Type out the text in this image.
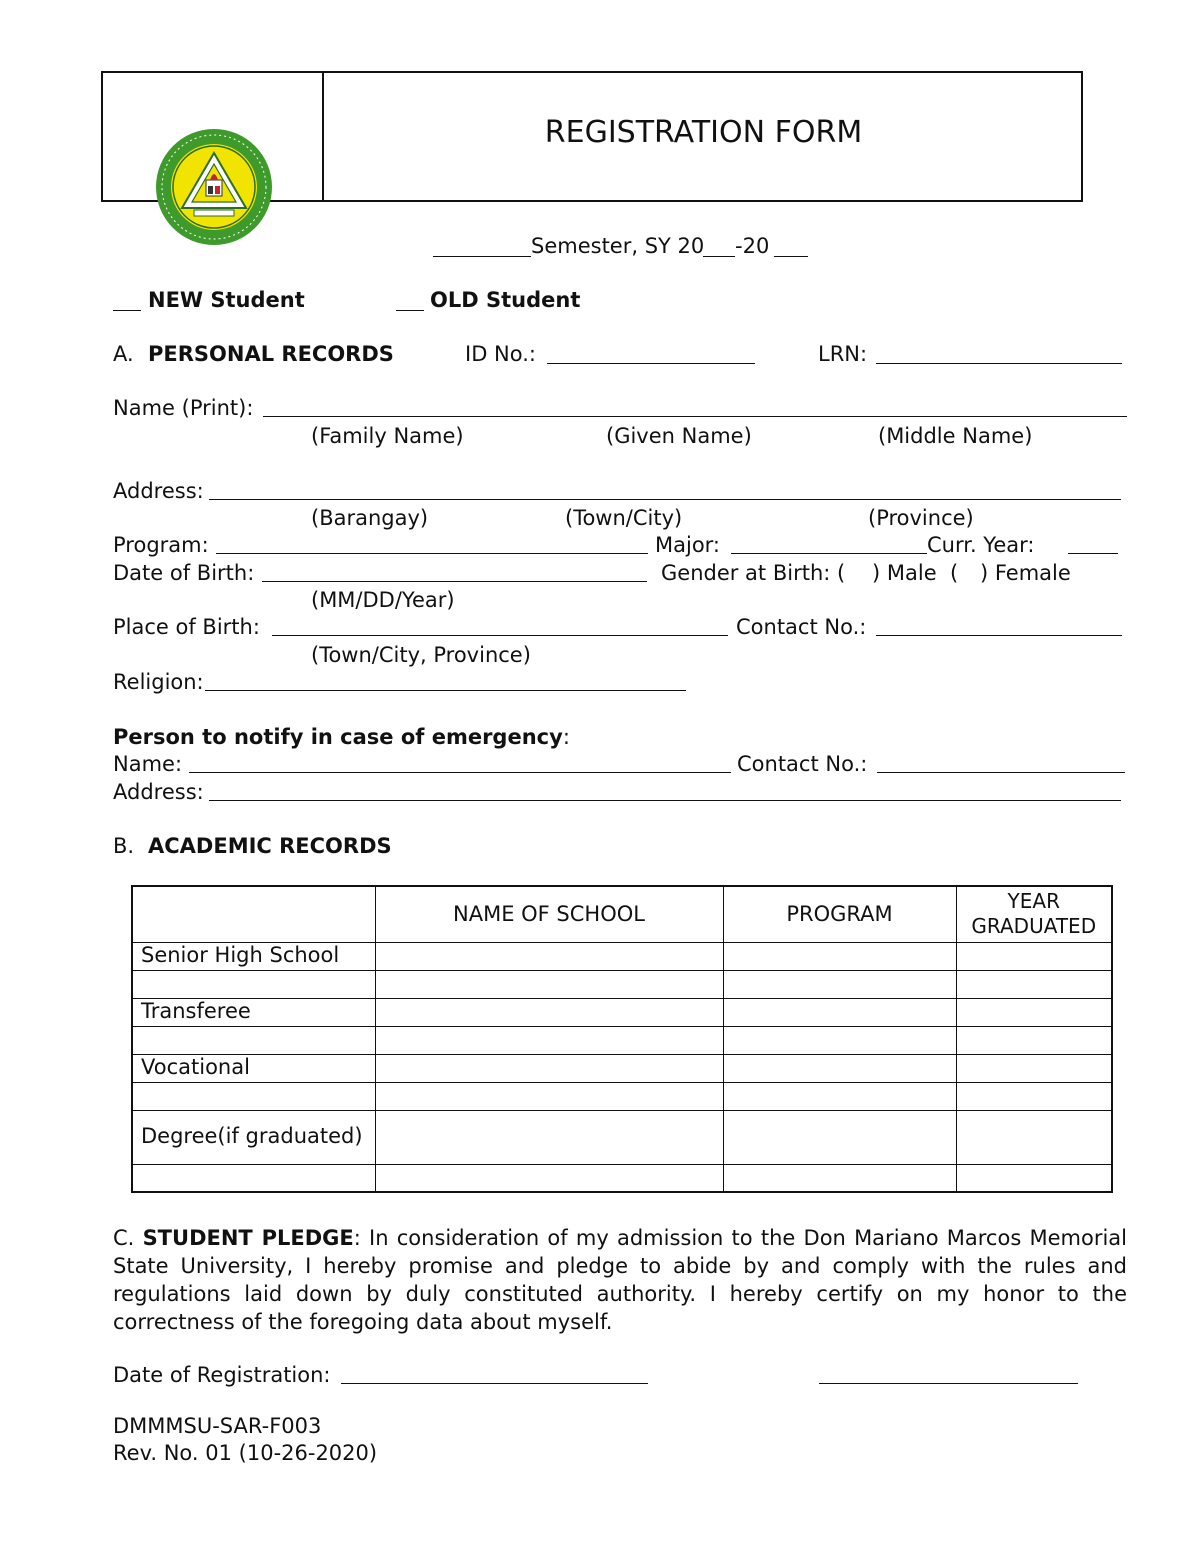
REGISTRATION FORM
Semester, SY 20 -20
NEW Student	OLD Student
A. PERSONAL RECORDS	ID No.:	LRN:
Name (Print):
(Family Name)	(Given Name)	(Middle Name)
Address:
(Barangay)	(Town/City)	(Province)
Program:	Major:	Curr. Year:
Date of Birth:	Gender at Birth: ( ) Male ( ) Female
(MM/DD/Year)
Place of Birth:	Contact No.:
(Town/City, Province)
Religion:
Person to notify in case of emergency:
Name:	Contact No.:
Address:
B. ACADEMIC RECORDS
	NAME OF SCHOOL	PROGRAM	YEAR GRADUATED
Senior High School			

Transferee			

Vocational			

Degree(if graduated)			

C. STUDENT PLEDGE: In consideration of my admission to the Don Mariano Marcos Memorial State University, I hereby promise and pledge to abide by and comply with the rules and regulations laid down by duly constituted authority. I hereby certify on my honor to the correctness of the foregoing data about myself.
Date of Registration:
DMMMSU-SAR-F003
Rev. No. 01 (10-26-2020)
